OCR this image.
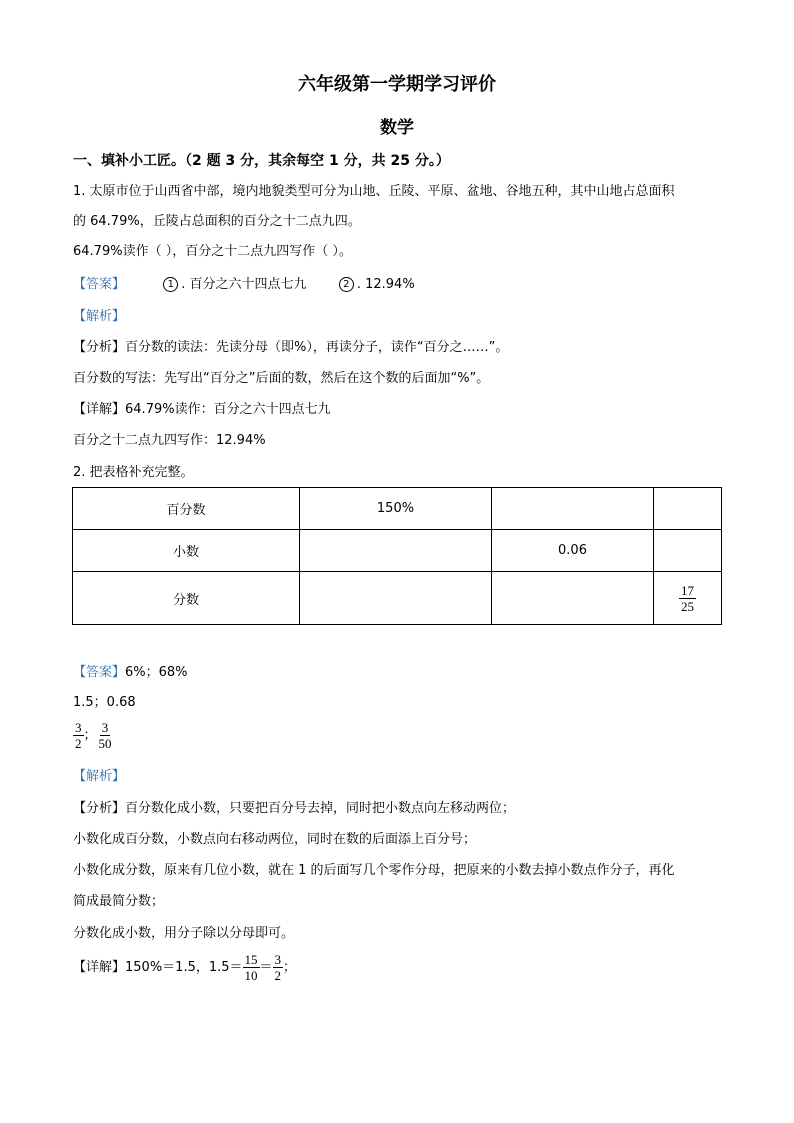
六年级第一学期学习评价
数学
一、填补小工匠。（2 题 3 分，其余每空 1 分，共 25 分。）
1. 太原市位于山西省中部，境内地貌类型可分为山地、丘陵、平原、盆地、谷地五种，其中山地占总面积
的 64.79%，丘陵占总面积的百分之十二点九四。
64.79%读作（ ），百分之十二点九四写作（ ）。
【答案】	1 . 百分之六十四点七九	2 . 12.94%
【解析】
【分析】百分数的读法：先读分母（即%），再读分子，读作“百分之……”。
百分数的写法：先写出“百分之”后面的数，然后在这个数的后面加“%”。
【详解】64.79%读作：百分之六十四点七九
百分之十二点九四写作：12.94%
2. 把表格补充完整。
百分数	150%		
小数		0.06	
分数			$\frac{17}{25}$
【答案】6%；68%
1.5；0.68
$\frac{3}{2}$ ； $\frac{3}{50}$
【解析】
【分析】百分数化成小数，只要把百分号去掉，同时把小数点向左移动两位；
小数化成百分数，小数点向右移动两位，同时在数的后面添上百分号；
小数化成分数，原来有几位小数，就在 1 的后面写几个零作分母，把原来的小数去掉小数点作分子，再化
简成最简分数；
分数化成小数，用分子除以分母即可。
【详解】150%＝1.5，$1.5= \frac{15}{10} = \frac{3}{2}$ ；
